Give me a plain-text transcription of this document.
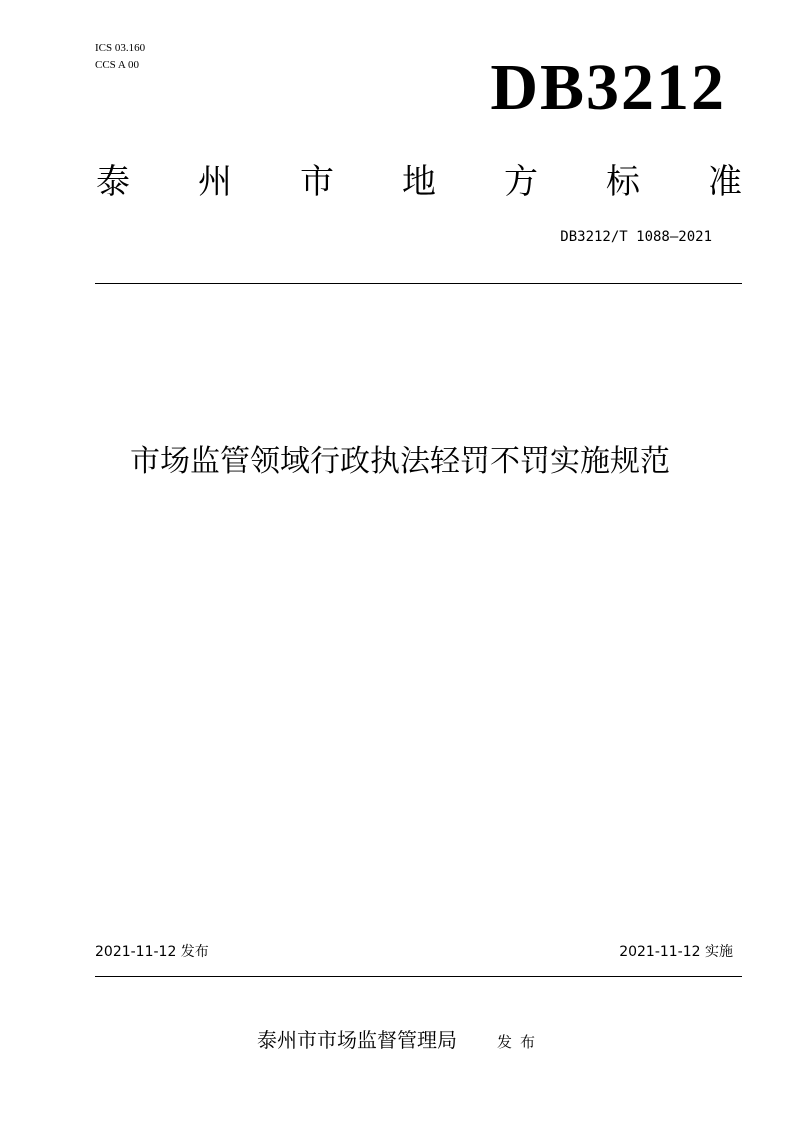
ICS 03.160
CCS A 00	DB3212
泰 州 市 地 方 标 准
DB3212/T 1088—2021
市场监管领域行政执法轻罚不罚实施规范
2021-11-12 发布	2021-11-12 实施
泰州市市场监督管理局	发布
